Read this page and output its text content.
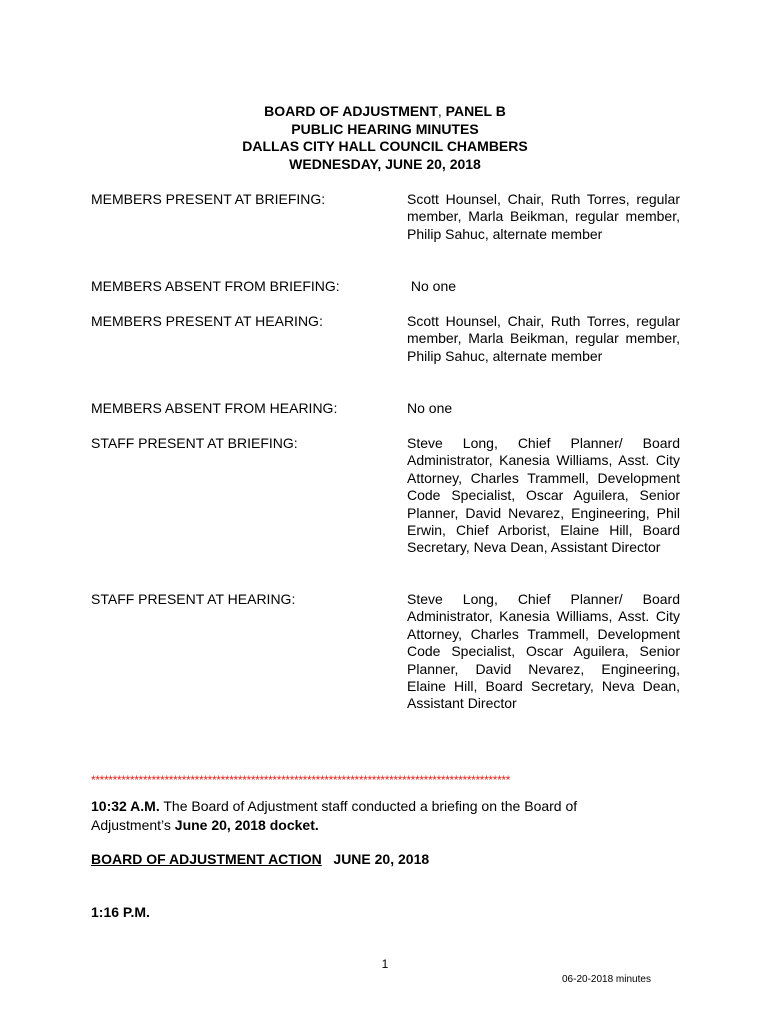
BOARD OF ADJUSTMENT, PANEL B
PUBLIC HEARING MINUTES
DALLAS CITY HALL COUNCIL CHAMBERS
WEDNESDAY, JUNE 20, 2018
MEMBERS PRESENT AT BRIEFING:	Scott Hounsel, Chair, Ruth Torres, regular member, Marla Beikman, regular member, Philip Sahuc, alternate member
MEMBERS ABSENT FROM BRIEFING:	No one
MEMBERS PRESENT AT HEARING:	Scott Hounsel, Chair, Ruth Torres, regular member, Marla Beikman, regular member, Philip Sahuc, alternate member
MEMBERS ABSENT FROM HEARING:	No one
STAFF PRESENT AT BRIEFING:	Steve Long, Chief Planner/ Board Administrator, Kanesia Williams, Asst. City Attorney, Charles Trammell, Development Code Specialist, Oscar Aguilera, Senior Planner, David Nevarez, Engineering, Phil Erwin, Chief Arborist, Elaine Hill, Board Secretary, Neva Dean, Assistant Director
STAFF PRESENT AT HEARING:	Steve Long, Chief Planner/ Board Administrator, Kanesia Williams, Asst. City Attorney, Charles Trammell, Development Code Specialist, Oscar Aguilera, Senior Planner, David Nevarez, Engineering, Elaine Hill, Board Secretary, Neva Dean, Assistant Director
*************************************************************************************************
10:32 A.M. The Board of Adjustment staff conducted a briefing on the Board of Adjustment’s June 20, 2018 docket.
BOARD OF ADJUSTMENT ACTION JUNE 20, 2018
1:16 P.M.
1
06-20-2018 minutes
